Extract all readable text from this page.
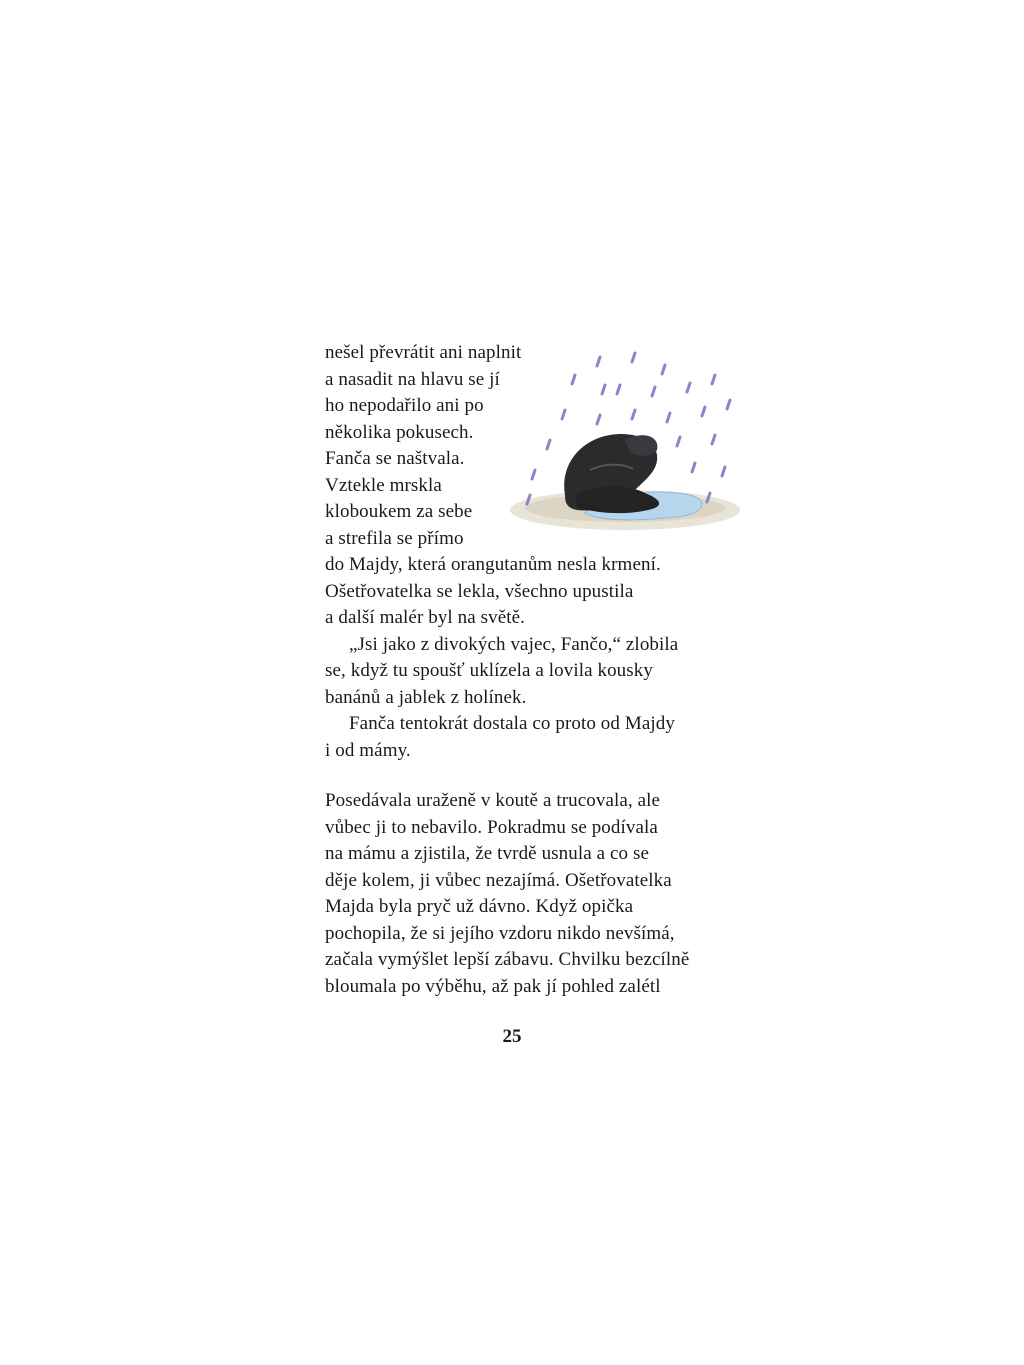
nešel převrátit ani naplnit
a nasadit na hlavu se jí
ho nepodařilo ani po
několika pokusech.
Fanča se naštvala.
Vztekle mrskla
kloboukem za sebe
a strefila se přímo
do Majdy, která orangutanům nesla krmení.
Ošetřovatelka se lekla, všechno upustila
a další malér byl na světě.
„Jsi jako z divokých vajec, Fančo,“ zlobila
se, když tu spoušť uklízela a lovila kousky
banánů a jablek z holínek.
Fanča tentokrát dostala co proto od Majdy
i od mámy.
Posedávala uraženě v koutě a trucovala, ale
vůbec ji to nebavilo. Pokradmu se podívala
na mámu a zjistila, že tvrdě usnula a co se
děje kolem, ji vůbec nezajímá. Ošetřovatelka
Majda byla pryč už dávno. Když opička
pochopila, že si jejího vzdoru nikdo nevšímá,
začala vymýšlet lepší zábavu. Chvilku bezcílně
bloumala po výběhu, až pak jí pohled zalétl
25
